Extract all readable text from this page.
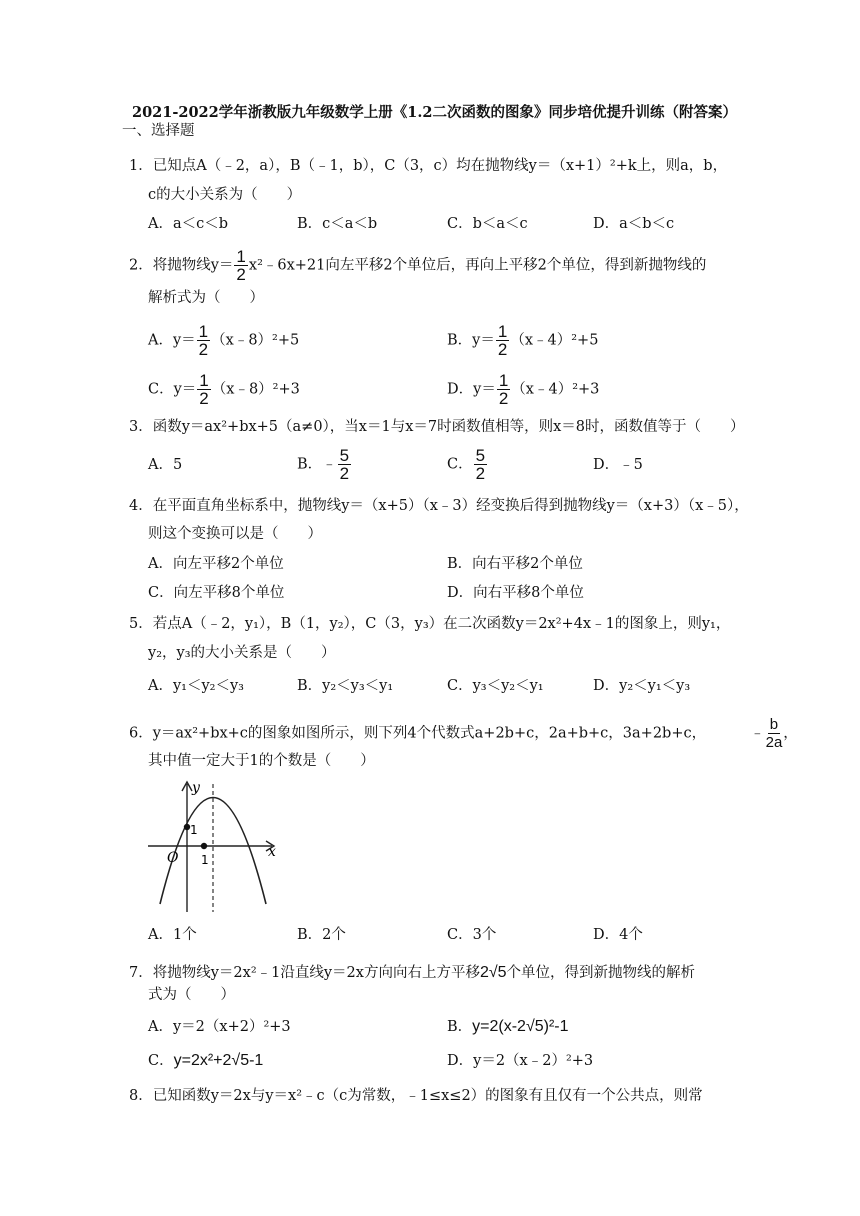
2021-2022学年浙教版九年级数学上册《1.2二次函数的图象》同步培优提升训练（附答案）
一、选择题
1．已知点A（﹣2，a），B（﹣1，b），C（3，c）均在抛物线y＝（x+1）²+k上，则a，b，
c的大小关系为（　　）
A．a＜c＜b	B．c＜a＜b	C．b＜a＜c	D．a＜b＜c
2．将抛物线$y= \frac{1}{2}$ x²﹣6x+21向左平移2个单位后，再向上平移2个单位，得到新抛物线的
解析式为（　　）
A．$y= \frac{1}{2}$ （x﹣8）²+5	B．$y= \frac{1}{2}$ （x﹣4）²+5
C．$y= \frac{1}{2}$ （x﹣8）²+3	D．$y= \frac{1}{2}$ （x﹣4）²+3
3．函数y＝ax²+bx+5（a≠0），当x＝1与x＝7时函数值相等，则x＝8时，函数值等于（　　）
A．5	B．﹣ $\frac{5}{2}$	C． $\frac{5}{2}$	D．﹣5
4．在平面直角坐标系中，抛物线y＝（x+5）（x﹣3）经变换后得到抛物线y＝（x+3）（x﹣5），
则这个变换可以是（　　）
A．向左平移2个单位	B．向右平移2个单位
C．向左平移8个单位	D．向右平移8个单位
5．若点A（﹣2，y₁），B（1，y₂），C（3，y₃）在二次函数y＝2x²+4x﹣1的图象上，则y₁，
y₂，y₃的大小关系是（　　）
A．y₁＜y₂＜y₃	B．y₂＜y₃＜y₁	C．y₃＜y₂＜y₁	D．y₂＜y₁＜y₃
6．y＝ax²+bx+c的图象如图所示，则下列4个代数式a+2b+c，2a+b+c，3a+2b+c，	﹣ $\frac{b}{2a}$ ，
其中值一定大于1的个数是（　　）
y
x
O
1
1
A．1个	B．2个	C．3个	D．4个
7．将抛物线y＝2x²﹣1沿直线y＝2x方向向右上方平移2√5个单位，得到新抛物线的解析
式为（　　）
A．y＝2（x+2）²+3	B．y=2(x-2√5)²-1
C．y=2x²+2√5-1	D．y＝2（x﹣2）²+3
8．已知函数y＝2x与y＝x²﹣c（c为常数，﹣1≤x≤2）的图象有且仅有一个公共点，则常
